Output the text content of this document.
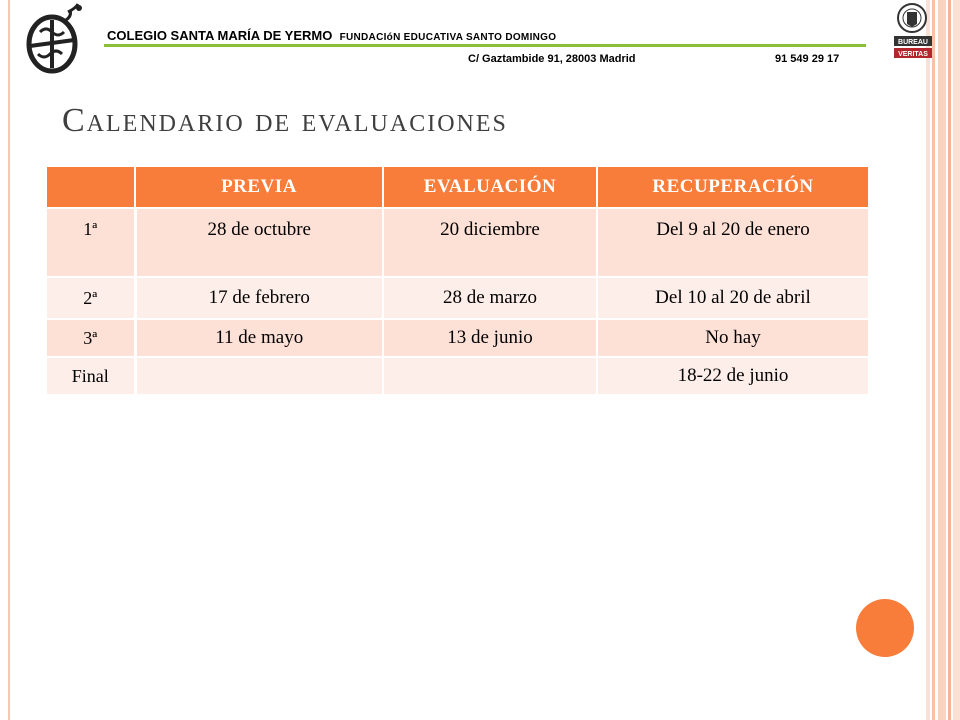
BUREAU
VERITAS
COLEGIO SANTA MARÍA DE YERMO FUNDACIóN EDUCATIVA SANTO DOMINGO
C/ Gaztambide 91, 28003 Madrid	91 549 29 17
Calendario de evaluaciones
	PREVIA	EVALUACIÓN	RECUPERACIÓN
1ª	28 de octubre	20 diciembre	Del 9 al 20 de enero
2ª	17 de febrero	28 de marzo	Del 10 al 20 de abril
3ª	11 de mayo	13 de junio	No hay
Final			18-22 de junio
